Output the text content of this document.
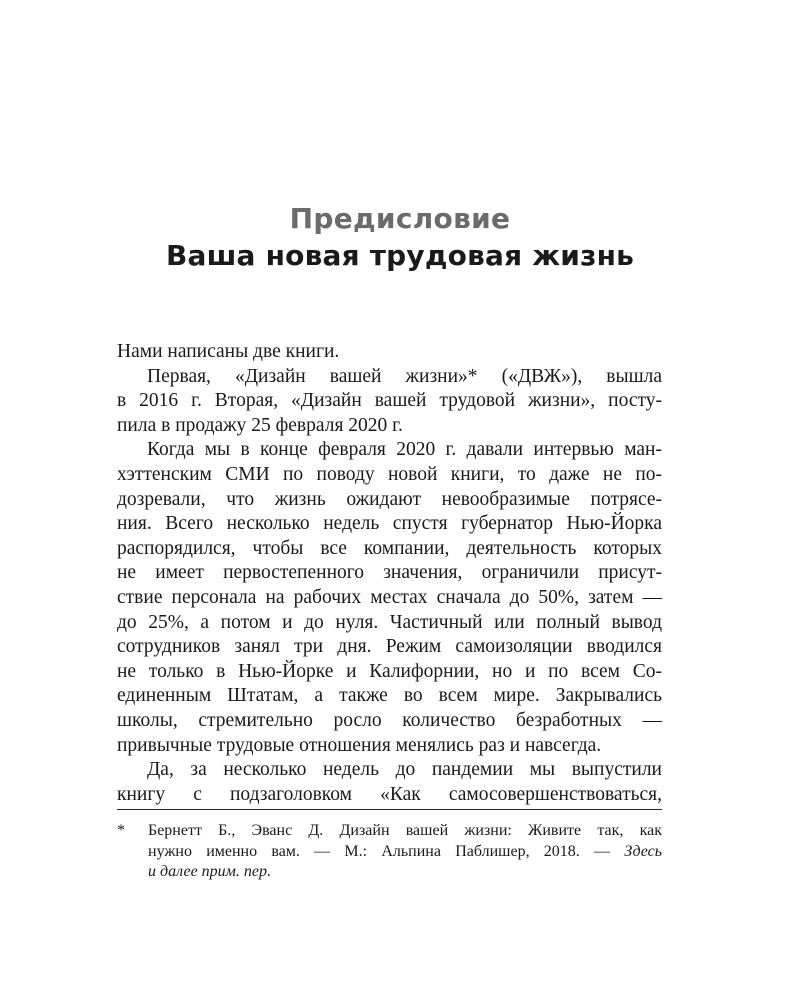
Предисловие
Ваша новая трудовая жизнь
Нами написаны две книги.
Первая, «Дизайн вашей жизни»* («ДВЖ»), вышла
в 2016 г. Вторая, «Дизайн вашей трудовой жизни», посту-
пила в продажу 25 февраля 2020 г.
Когда мы в конце февраля 2020 г. давали интервью ман-
хэттенским СМИ по поводу новой книги, то даже не по-
дозревали, что жизнь ожидают невообразимые потрясе-
ния. Всего несколько недель спустя губернатор Нью-Йорка
распорядился, чтобы все компании, деятельность которых
не имеет первостепенного значения, ограничили присут-
ствие персонала на рабочих местах сначала до 50%, затем —
до 25%, а потом и до нуля. Частичный или полный вывод
сотрудников занял три дня. Режим самоизоляции вводился
не только в Нью-Йорке и Калифорнии, но и по всем Со-
единенным Штатам, а также во всем мире. Закрывались
школы, стремительно росло количество безработных —
привычные трудовые отношения менялись раз и навсегда.
Да, за несколько недель до пандемии мы выпустили
книгу с подзаголовком «Как самосовершенствоваться,
* Бернетт Б., Эванс Д. Дизайн вашей жизни: Живите так, как
нужно именно вам. — М.: Альпина Паблишер, 2018. — Здесь
и далее прим. пер.
